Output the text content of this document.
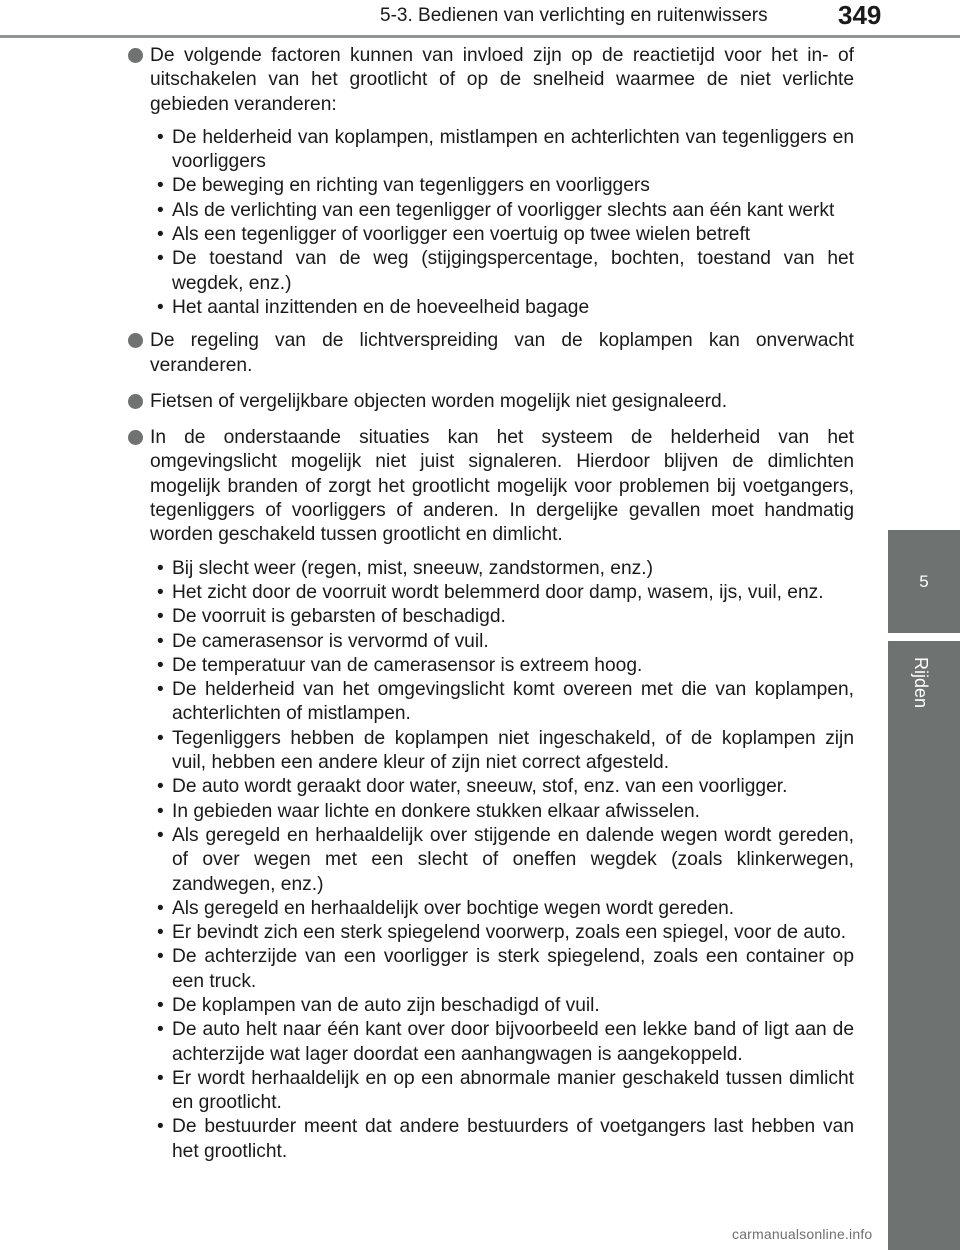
5-3. Bedienen van verlichting en ruitenwissers	349
5
Rijden
De volgende factoren kunnen van invloed zijn op de reactietijd voor het in- of uitschakelen van het grootlicht of op de snelheid waarmee de niet verlichte gebieden veranderen:
• De helderheid van koplampen, mistlampen en achterlichten van tegenliggers en voorliggers
• De beweging en richting van tegenliggers en voorliggers
• Als de verlichting van een tegenligger of voorligger slechts aan één kant werkt
• Als een tegenligger of voorligger een voertuig op twee wielen betreft
• De toestand van de weg (stijgingspercentage, bochten, toestand van het wegdek, enz.)
• Het aantal inzittenden en de hoeveelheid bagage
De regeling van de lichtverspreiding van de koplampen kan onverwacht veranderen.
Fietsen of vergelijkbare objecten worden mogelijk niet gesignaleerd.
In de onderstaande situaties kan het systeem de helderheid van het omgevingslicht mogelijk niet juist signaleren. Hierdoor blijven de dimlichten mogelijk branden of zorgt het grootlicht mogelijk voor problemen bij voetgangers, tegenliggers of voorliggers of anderen. In dergelijke gevallen moet handmatig worden geschakeld tussen grootlicht en dimlicht.
• Bij slecht weer (regen, mist, sneeuw, zandstormen, enz.)
• Het zicht door de voorruit wordt belemmerd door damp, wasem, ijs, vuil, enz.
• De voorruit is gebarsten of beschadigd.
• De camerasensor is vervormd of vuil.
• De temperatuur van de camerasensor is extreem hoog.
• De helderheid van het omgevingslicht komt overeen met die van koplampen, achterlichten of mistlampen.
• Tegenliggers hebben de koplampen niet ingeschakeld, of de koplampen zijn vuil, hebben een andere kleur of zijn niet correct afgesteld.
• De auto wordt geraakt door water, sneeuw, stof, enz. van een voorligger.
• In gebieden waar lichte en donkere stukken elkaar afwisselen.
• Als geregeld en herhaaldelijk over stijgende en dalende wegen wordt gereden, of over wegen met een slecht of oneffen wegdek (zoals klinkerwegen, zandwegen, enz.)
• Als geregeld en herhaaldelijk over bochtige wegen wordt gereden.
• Er bevindt zich een sterk spiegelend voorwerp, zoals een spiegel, voor de auto.
• De achterzijde van een voorligger is sterk spiegelend, zoals een container op een truck.
• De koplampen van de auto zijn beschadigd of vuil.
• De auto helt naar één kant over door bijvoorbeeld een lekke band of ligt aan de achterzijde wat lager doordat een aanhangwagen is aangekoppeld.
• Er wordt herhaaldelijk en op een abnormale manier geschakeld tussen dimlicht en grootlicht.
• De bestuurder meent dat andere bestuurders of voetgangers last hebben van het grootlicht.
carmanualsonline.info
